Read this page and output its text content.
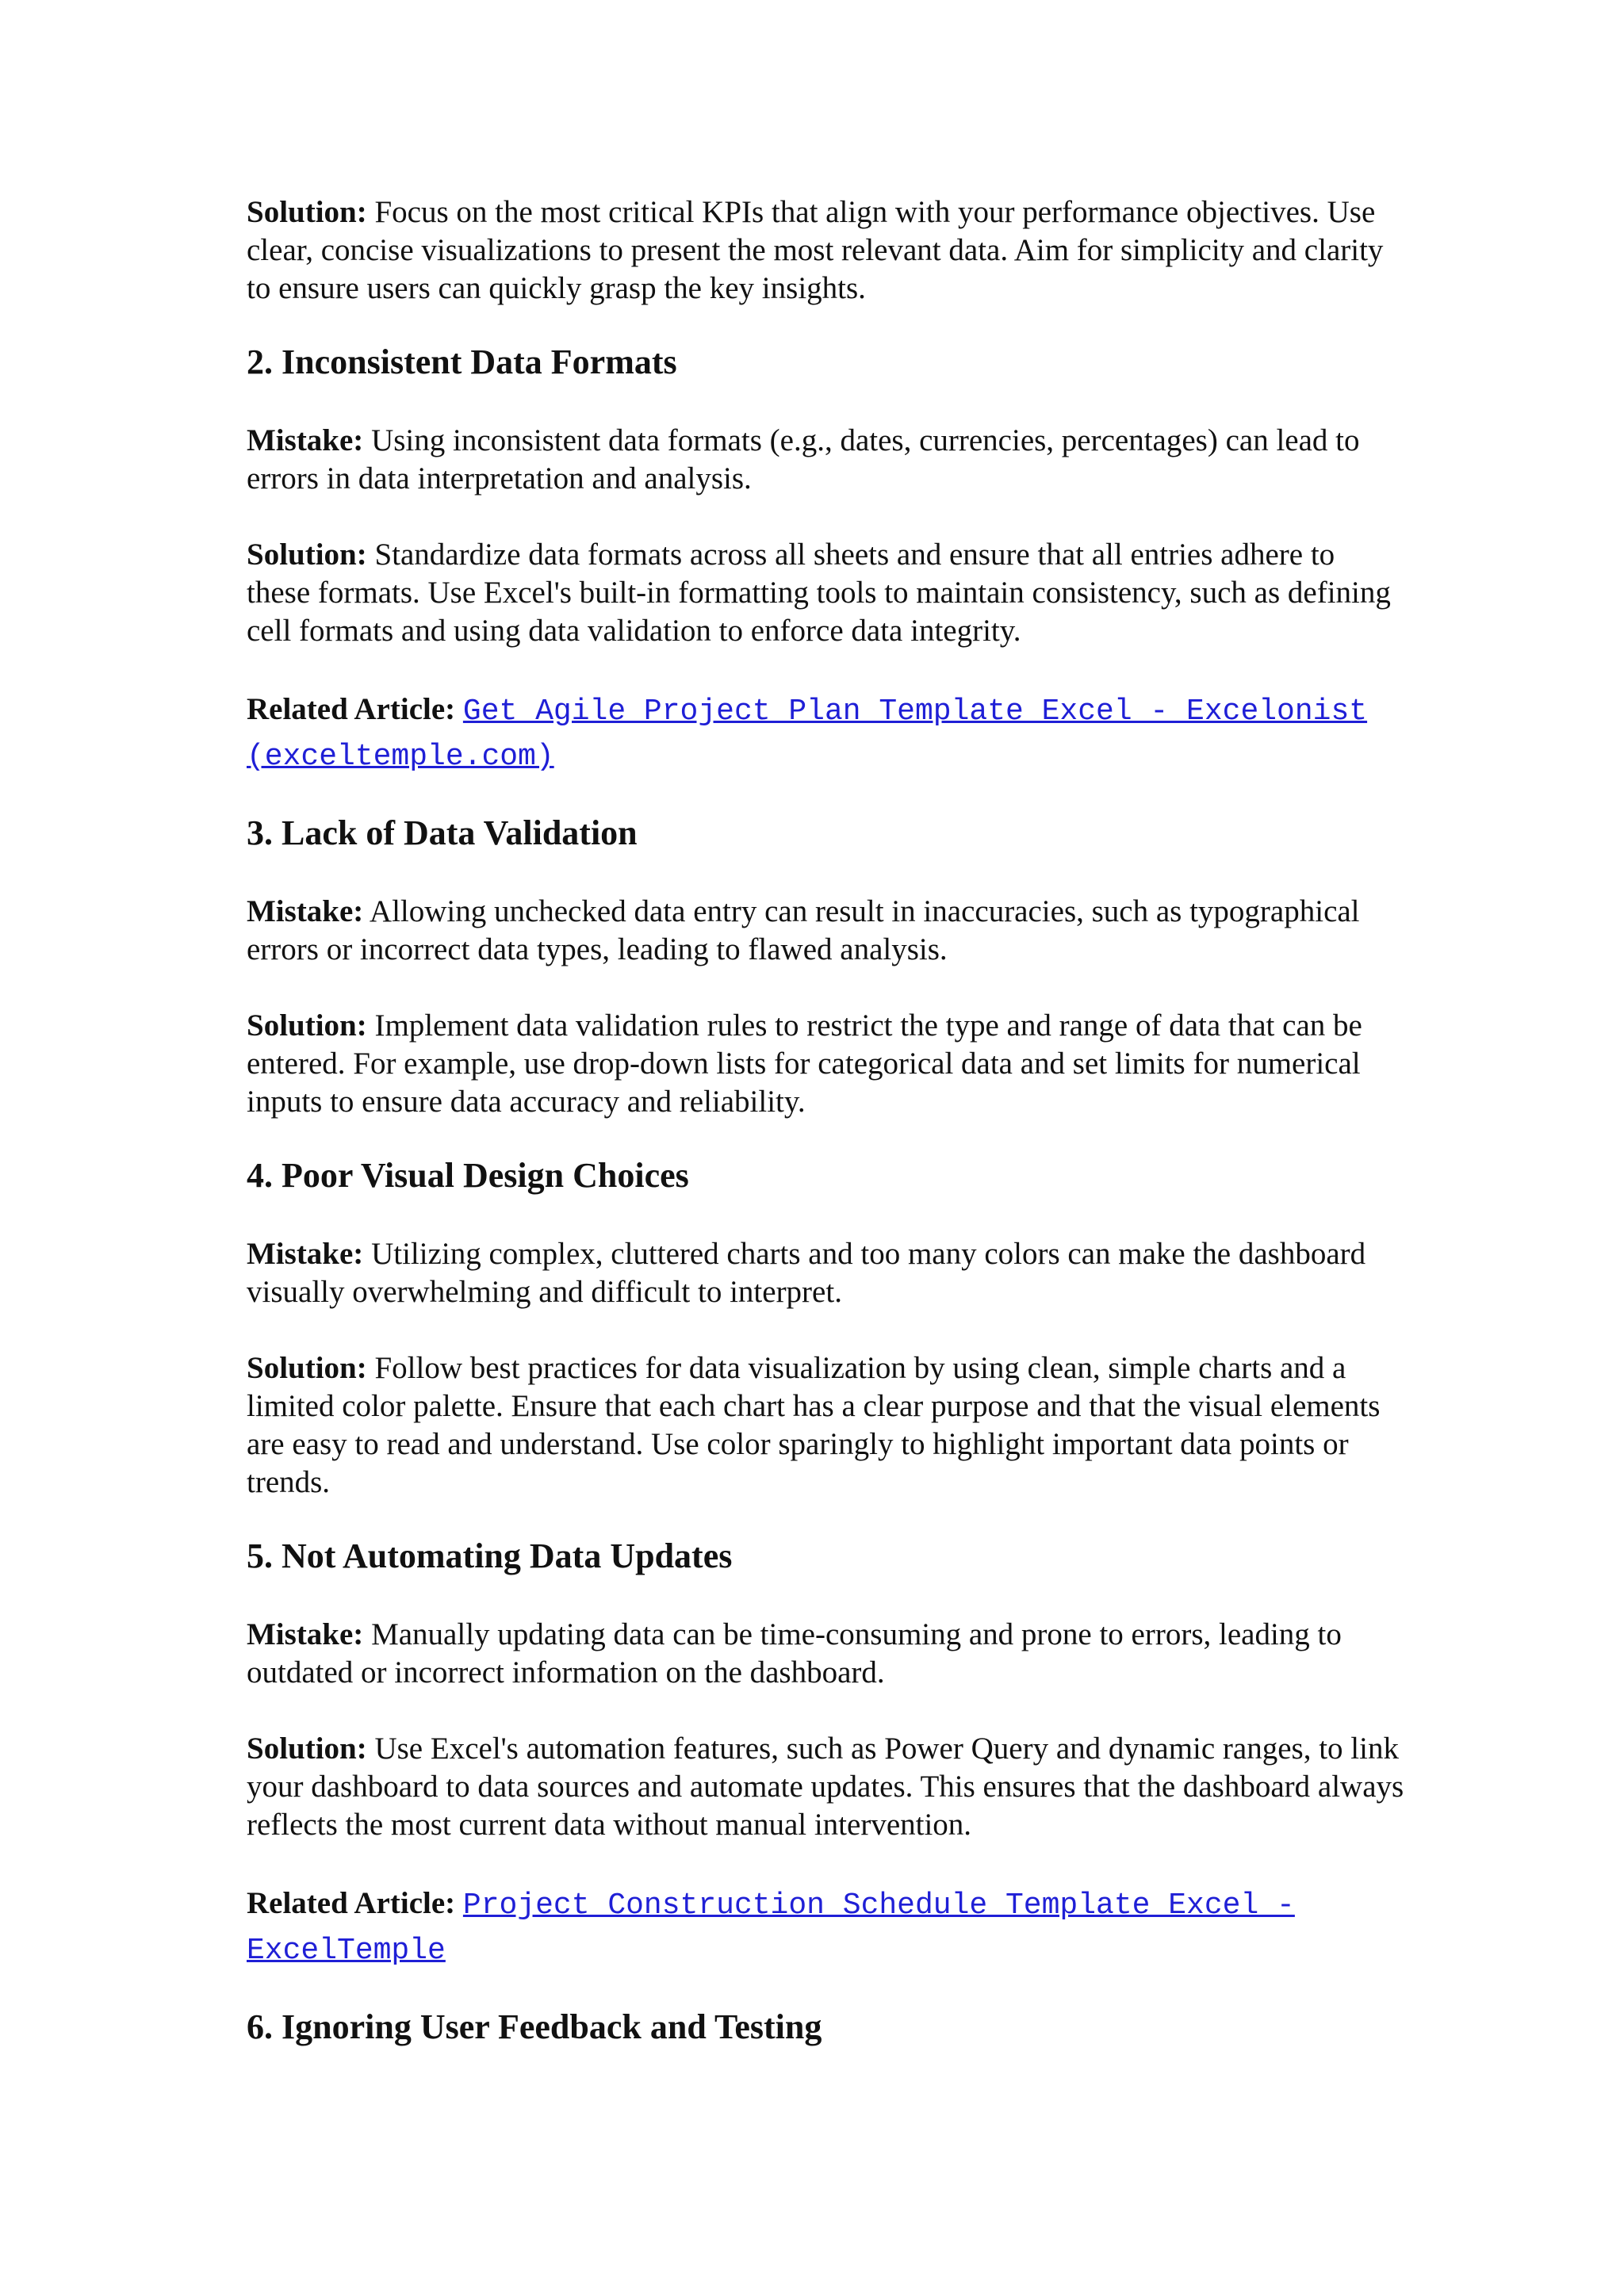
Solution: Focus on the most critical KPIs that align with your performance objectives. Use clear, concise visualizations to present the most relevant data. Aim for simplicity and clarity to ensure users can quickly grasp the key insights.

2. Inconsistent Data Formats

Mistake: Using inconsistent data formats (e.g., dates, currencies, percentages) can lead to errors in data interpretation and analysis.

Solution: Standardize data formats across all sheets and ensure that all entries adhere to these formats. Use Excel's built-in formatting tools to maintain consistency, such as defining cell formats and using data validation to enforce data integrity.

Related Article: Get Agile Project Plan Template Excel - Excelonist (exceltemple.com)

3. Lack of Data Validation

Mistake: Allowing unchecked data entry can result in inaccuracies, such as typographical errors or incorrect data types, leading to flawed analysis.

Solution: Implement data validation rules to restrict the type and range of data that can be entered. For example, use drop-down lists for categorical data and set limits for numerical inputs to ensure data accuracy and reliability.

4. Poor Visual Design Choices

Mistake: Utilizing complex, cluttered charts and too many colors can make the dashboard visually overwhelming and difficult to interpret.

Solution: Follow best practices for data visualization by using clean, simple charts and a limited color palette. Ensure that each chart has a clear purpose and that the visual elements are easy to read and understand. Use color sparingly to highlight important data points or trends.

5. Not Automating Data Updates

Mistake: Manually updating data can be time-consuming and prone to errors, leading to outdated or incorrect information on the dashboard.

Solution: Use Excel's automation features, such as Power Query and dynamic ranges, to link your dashboard to data sources and automate updates. This ensures that the dashboard always reflects the most current data without manual intervention.

Related Article: Project Construction Schedule Template Excel - ExcelTemple

6. Ignoring User Feedback and Testing
